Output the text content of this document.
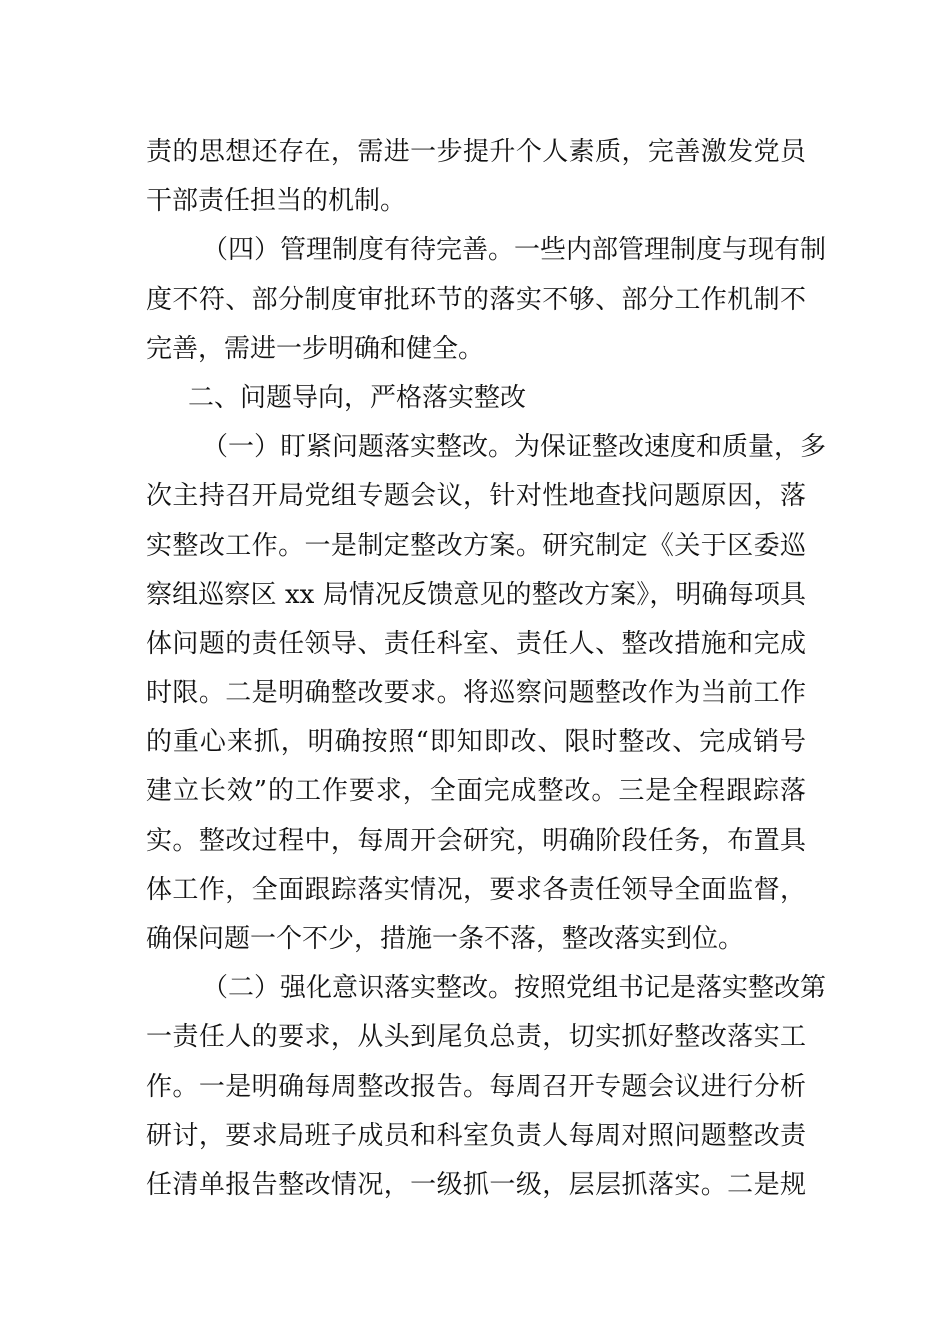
责的思想还存在，需进一步提升个人素质，完善激发党员
干部责任担当的机制。
（四）管理制度有待完善。一些内部管理制度与现有制
度不符、部分制度审批环节的落实不够、部分工作机制不
完善，需进一步明确和健全。
二、问题导向，严格落实整改
（一）盯紧问题落实整改。为保证整改速度和质量，多
次主持召开局党组专题会议，针对性地查找问题原因，落
实整改工作。一是制定整改方案。研究制定《关于区委巡
察组巡察区 xx 局情况反馈意见的整改方案》，明确每项具
体问题的责任领导、责任科室、责任人、整改措施和完成
时限。二是明确整改要求。将巡察问题整改作为当前工作
的重心来抓，明确按照“即知即改、限时整改、完成销号
建立长效”的工作要求，全面完成整改。三是全程跟踪落
实。整改过程中，每周开会研究，明确阶段任务，布置具
体工作，全面跟踪落实情况，要求各责任领导全面监督，
确保问题一个不少，措施一条不落，整改落实到位。
（二）强化意识落实整改。按照党组书记是落实整改第
一责任人的要求，从头到尾负总责，切实抓好整改落实工
作。一是明确每周整改报告。每周召开专题会议进行分析
研讨，要求局班子成员和科室负责人每周对照问题整改责
任清单报告整改情况，一级抓一级，层层抓落实。二是规
